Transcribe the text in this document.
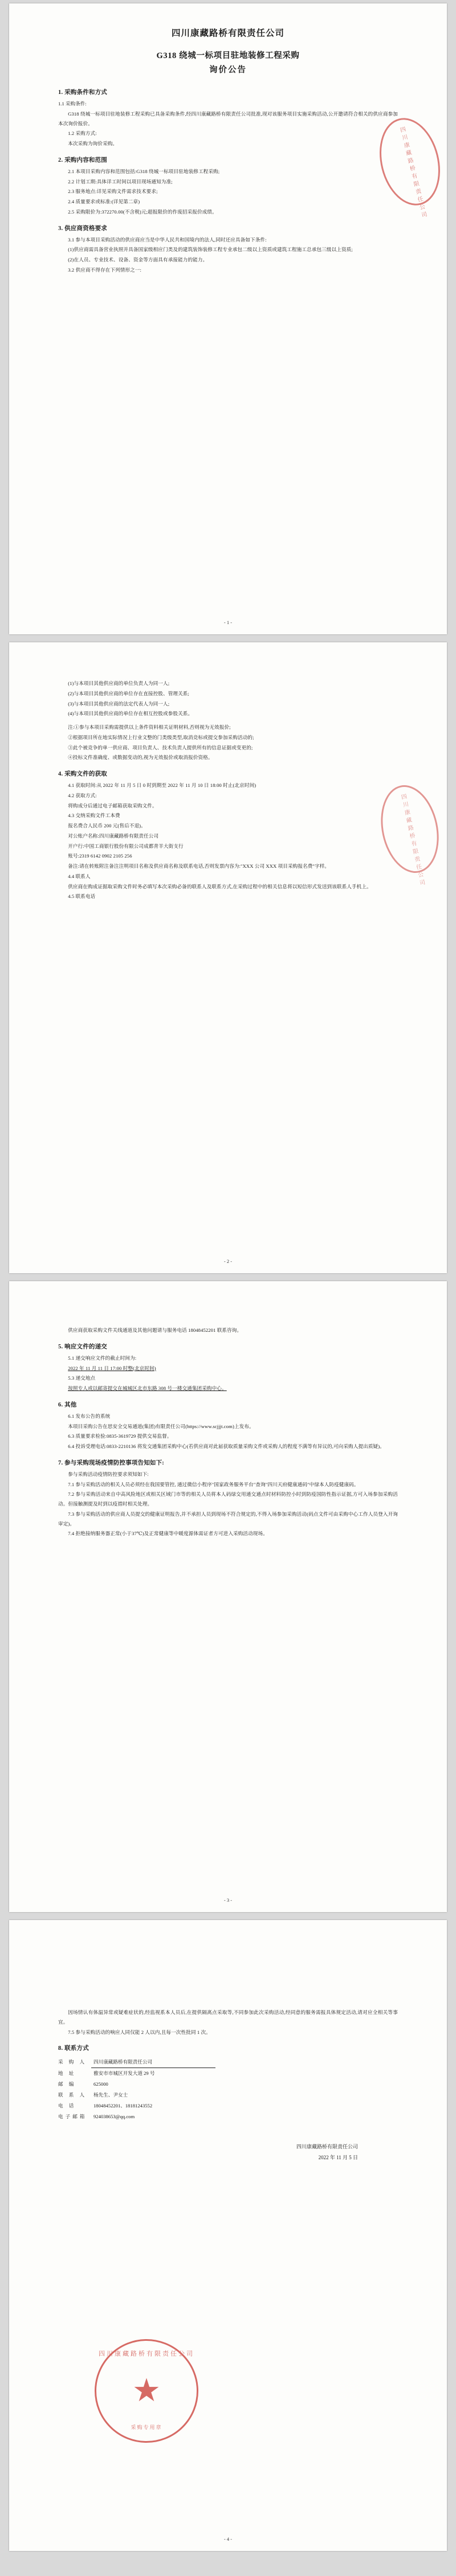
四川康藏路桥有限责任公司
G318 绕城一标项目驻地装修工程采购
询价公告
1. 采购条件和方式

1.1 采购条件:

G318 绕城一标项目驻地装修工程采购已具备采购条件,经四川康藏路桥有限责任公司批准,现对该服务项目实施采购活动,公开邀请符合相关的供应商参加本次询价报价。

1.2 采购方式:

本次采购为询价采购。

2. 采购内容和范围

2.1 本项目采购内容和范围包括:G318 绕城一标项目驻地装修工程采购;

2.2 计划工期:具体详工时间以项目现场通知为准;

2.3 服务地点:详见采购文件需求技术要求;

2.4 质量要求或标准:(详见第二章)

2.5 采购限价为:372270.00(不含税)元;超报限价的作废招采报价成绩。

3. 供应商资格要求

3.1 参与本项目采购活动的供应商应当是中华人民共和国境内的法人,同时还应具备如下条件:

(1)供应商需具备营业执照并具备国家级相应门类及的建筑装饰装修工程专业承包二级以上资质或建筑工程施工总承包三级以上资质;

(2)在人员、专业技术、设备、资金等方面具有承接能力的能力。

3.2 供应商不得存在下列情形之一:

四川康藏路桥有限责任公司
- 1 -

(1)与本项目其他供应商的单位负责人为同一人;

(2)与本项目其他供应商的单位存在直接控股、管理关系;

(3)与本项目其他供应商的法定代表人为同一人;

(4)与本项目其他供应商的单位存在相互控股或参股关系。

注:①参与本项目采购需提供以上条件资料相关证明材料,否则视为无效报价;

②根据项目所在地实际情况上行业文整的门类级类型,取消竞标或提交参加采购活动的;

③此个被竞争的单一供应商、项目负责人、技术负责人提供所有的信息证据或变更的;

④投标文件准确度、或数据变动的,视为无效报价或取消报价资格。

4. 采购文件的获取

4.1 获取时间:从 2022 年 11 月 5 日 0 时到期至 2022 年 11 月 10 日 18:00 时止(北京时间)

4.2 获取方式:

将购成分后通过电子邮箱获取采购文件。

4.3 交纳采购文件工本费

报名费合人民币 200 元(售后不退)。

对公账户名称:四川康藏路桥有限责任公司

开户行:中国工商银行股份有限公司成都青羊大街支行

账号:2319 6142 0902 2105 256

备注:请在转账附注备注注明项目名称及供应商名称及联系电话,否则发票内容为:"XXX 公司 XXX 项目采购报名费"字样。

4.4 联系人

供应商在购成证据取采购文件时务必填写本次采购必备的联系人及联系方式,在采购过程中的相关信息将以短信形式发送到该联系人手机上。

4.5 联系电话

四川康藏路桥有限责任公司
- 2 -

供应商获取采购文件关线通道及其他问题请与服务电话 18048452201 联系咨询。

5. 响应文件的递交

5.1 递交响应文件的截止时间为:

2022 年 11 月 11 日 17:00 时整(北京时间)

5.3 递交地点

按照专人或以邮寄提交在城城区北市东路 308 号一楼交通集团采购中心。

6. 其他

6.1 发布公告的系统

本项目采购公告在思安全交易通道(集团)有限责任公司(https://www.scjjjt.com)上发布。

6.3 质量要求检验:0835-3619729 提供交易监督。

6.4 投诉受理电话:0833-2210136 将发交通集团采购中心(若供应商对此届获取质量采购文件或采购人的程度不满等有异议的,可向采购人提出质疑)。

7. 参与采购现场疫情防控事项告知如下:

参与采购活动疫情防控要求须知如下:

7.1 参与采购活动的相关人员必须经在我国要管控, 通过微信小程序"国家政务服务平台"查询"四川天府健康通码"中绿本人防疫健康码。

7.2 参与采购活动来自中高风险地区或相关区域门市等的相关人员将本人码绿交用通交通点时材料防控小时到防疫国防性指示证据,方可入场参加采购活动。但接触测提及时到以疫措时相关处理。

7.3 参与采购活动的供应商人员提交的健康证明报告,并不承担人员到现场不符合规定的,不得入场参加采购活动(码点文件可由采购中心工作人员登入开询审定)。

7.4 拒绝接纳服务器正常(小于37℃)及正常健康等中暖度源体需证者方可进入采购活动现场。

- 3 -

因场情认有体温异常或疑难症状的,经监视系本人员后,在提供隔离点采取等,不同参加此次采购活动,经同意的服务需报具体规定活动,请对应全相关等事宜。

7.5 参与采购活动的响应人同仅能 2 人以内,且每一次性批同 1 次。

8. 联系方式
采 购 人	四川康藏路桥有限责任公司
地 址	雅安市市城区开发大道 29 号
邮 编	625000
联 系 人	杨先生、尹女士
电 话	18048452201、18181243552
电子邮箱	924038653@qq.com
四川康藏路桥有限责任公司
2022 年 11 月 5 日
四川康藏路桥有限责任公司
★
采购专用章
- 4 -
